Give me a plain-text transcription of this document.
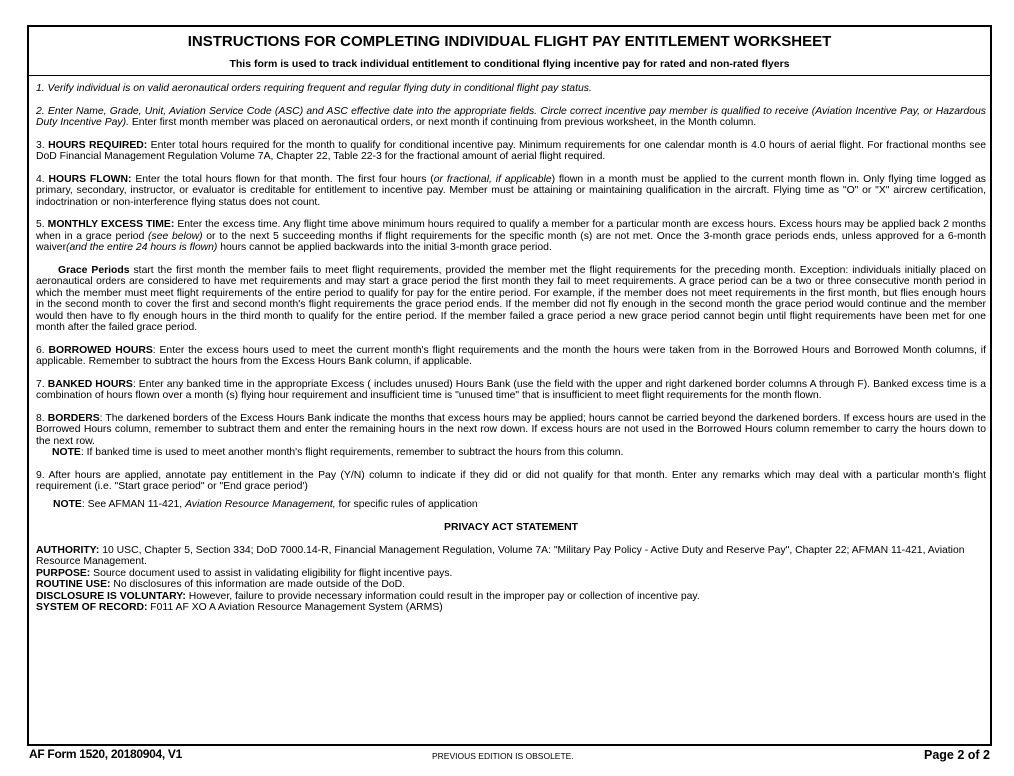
INSTRUCTIONS FOR COMPLETING INDIVIDUAL FLIGHT PAY ENTITLEMENT WORKSHEET
This form is used to track individual entitlement to conditional flying incentive pay for rated and non-rated flyers

1. Verify individual is on valid aeronautical orders requiring frequent and regular flying duty in conditional flight pay status.

2. Enter Name, Grade, Unit, Aviation Service Code (ASC) and ASC effective date into the appropriate fields. Circle correct incentive pay member is qualified to receive (Aviation Incentive Pay, or Hazardous Duty Incentive Pay). Enter first month member was placed on aeronautical orders, or next month if continuing from previous worksheet, in the Month column.

3. HOURS REQUIRED: Enter total hours required for the month to qualify for conditional incentive pay. Minimum requirements for one calendar month is 4.0 hours of aerial flight. For fractional months see DoD Financial Management Regulation Volume 7A, Chapter 22, Table 22-3 for the fractional amount of aerial flight required.

4. HOURS FLOWN: Enter the total hours flown for that month. The first four hours (or fractional, if applicable) flown in a month must be applied to the current month flown in. Only flying time logged as primary, secondary, instructor, or evaluator is creditable for entitlement to incentive pay. Member must be attaining or maintaining qualification in the aircraft. Flying time as "O" or "X" aircrew certification, indoctrination or non-interference flying status does not count.

5. MONTHLY EXCESS TIME: Enter the excess time. Any flight time above minimum hours required to qualify a member for a particular month are excess hours. Excess hours may be applied back 2 months when in a grace period (see below) or to the next 5 succeeding months if flight requirements for the specific month (s) are not met. Once the 3-month grace periods ends, unless approved for a 6-month waiver(and the entire 24 hours is flown) hours cannot be applied backwards into the initial 3-month grace period.

Grace Periods start the first month the member fails to meet flight requirements, provided the member met the flight requirements for the preceding month. Exception: individuals initially placed on aeronautical orders are considered to have met requirements and may start a grace period the first month they fail to meet requirements. A grace period can be a two or three consecutive month period in which the member must meet flight requirements of the entire period to qualify for pay for the entire period. For example, if the member does not meet requirements in the first month, but flies enough hours in the second month to cover the first and second month's flight requirements the grace period ends. If the member did not fly enough in the second month the grace period would continue and the member would then have to fly enough hours in the third month to qualify for the entire period. If the member failed a grace period a new grace period cannot begin until flight requirements have been met for one month after the failed grace period.

6. BORROWED HOURS: Enter the excess hours used to meet the current month's flight requirements and the month the hours were taken from in the Borrowed Hours and Borrowed Month columns, if applicable. Remember to subtract the hours from the Excess Hours Bank column, if applicable.

7. BANKED HOURS: Enter any banked time in the appropriate Excess ( includes unused) Hours Bank (use the field with the upper and right darkened border columns A through F). Banked excess time is a combination of hours flown over a month (s) flying hour requirement and insufficient time is "unused time" that is insufficient to meet flight requirements for the month flown.

8. BORDERS: The darkened borders of the Excess Hours Bank indicate the months that excess hours may be applied; hours cannot be carried beyond the darkened borders. If excess hours are used in the Borrowed Hours column, remember to subtract them and enter the remaining hours in the next row down. If excess hours are not used in the Borrowed Hours column remember to carry the hours down to the next row.

NOTE: If banked time is used to meet another month's flight requirements, remember to subtract the hours from this column.

9. After hours are applied, annotate pay entitlement in the Pay (Y/N) column to indicate if they did or did not qualify for that month. Enter any remarks which may deal with a particular month's flight requirement (i.e. "Start grace period" or "End grace period')

NOTE: See AFMAN 11-421, Aviation Resource Management, for specific rules of application

PRIVACY ACT STATEMENT

AUTHORITY: 10 USC, Chapter 5, Section 334; DoD 7000.14-R, Financial Management Regulation, Volume 7A: "Military Pay Policy - Active Duty and Reserve Pay", Chapter 22; AFMAN 11-421, Aviation Resource Management.

PURPOSE: Source document used to assist in validating eligibility for flight incentive pays.

ROUTINE USE: No disclosures of this information are made outside of the DoD.

DISCLOSURE IS VOLUNTARY: However, failure to provide necessary information could result in the improper pay or collection of incentive pay.

SYSTEM OF RECORD: F011 AF XO A Aviation Resource Management System (ARMS)

AF Form 1520, 20180904, V1	PREVIOUS EDITION IS OBSOLETE.	Page 2 of 2
